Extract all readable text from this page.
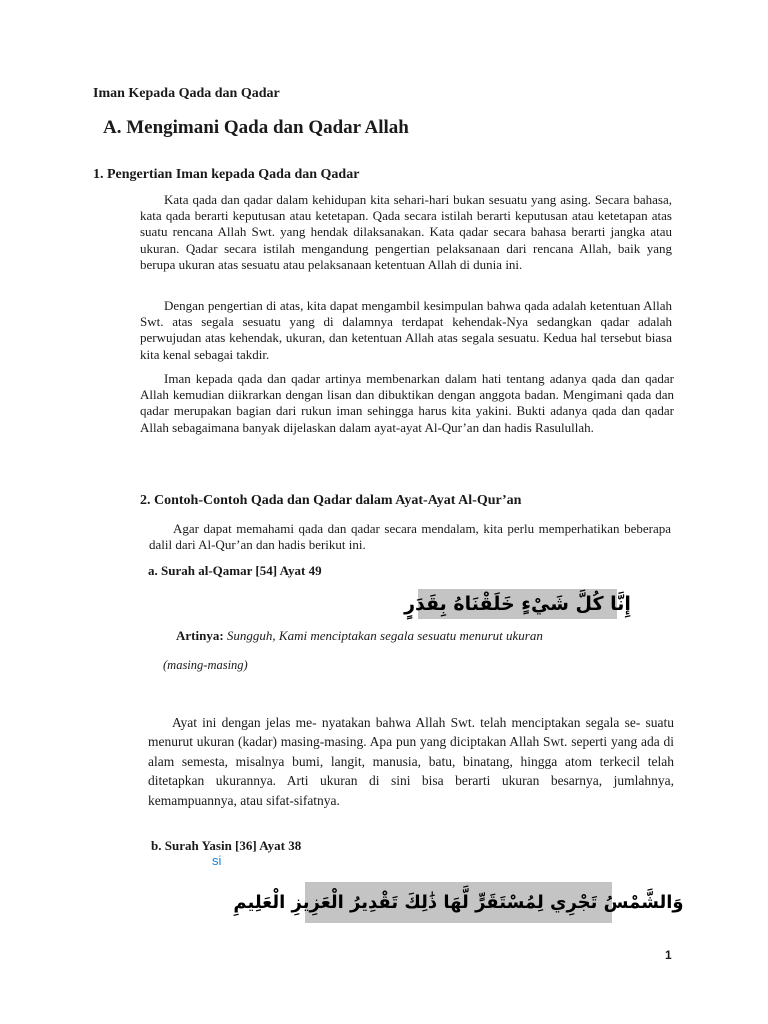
Iman Kepada Qada dan Qadar
A. Mengimani Qada dan Qadar Allah
1. Pengertian Iman kepada Qada dan Qadar
Kata qada dan qadar dalam kehidupan kita sehari-hari bukan sesuatu yang asing. Secara bahasa, kata qada berarti keputusan atau ketetapan. Qada secara istilah berarti keputusan atau ketetapan atas suatu rencana Allah Swt. yang hendak dilaksanakan. Kata qadar secara bahasa berarti jangka atau ukuran. Qadar secara istilah mengandung pengertian pelaksanaan dari rencana Allah, baik yang berupa ukuran atas sesuatu atau pelaksanaan ketentuan Allah di dunia ini.
Dengan pengertian di atas, kita dapat mengambil kesimpulan bahwa qada adalah ketentuan Allah Swt. atas segala sesuatu yang di dalamnya terdapat kehendak-Nya sedangkan qadar adalah perwujudan atas kehendak, ukuran, dan ketentuan Allah atas segala sesuatu. Kedua hal tersebut biasa kita kenal sebagai takdir.
Iman kepada qada dan qadar artinya membenarkan dalam hati tentang adanya qada dan qadar Allah kemudian diikrarkan dengan lisan dan dibuktikan dengan anggota badan. Mengimani qada dan qadar merupakan bagian dari rukun iman sehingga harus kita yakini. Bukti adanya qada dan qadar Allah sebagaimana banyak dijelaskan dalam ayat-ayat Al-Qur’an dan hadis Rasulullah.
2. Contoh-Contoh Qada dan Qadar dalam Ayat-Ayat Al-Qur’an
Agar dapat memahami qada dan qadar secara mendalam, kita perlu memperhatikan beberapa dalil dari Al-Qur’an dan hadis berikut ini.
a. Surah al-Qamar [54] Ayat 49
إِنَّا كُلَّ شَيْءٍ خَلَقْنَاهُ بِقَدَرٍ
Artinya: Sungguh, Kami menciptakan segala sesuatu menurut ukuran
(masing-masing)
Ayat ini dengan jelas me- nyatakan bahwa Allah Swt. telah menciptakan segala se- suatu menurut ukuran (kadar) masing-masing. Apa pun yang diciptakan Allah Swt. seperti yang ada di alam semesta, misalnya bumi, langit, manusia, batu, binatang, hingga atom terkecil telah ditetapkan ukurannya. Arti ukuran di sini bisa berarti ukuran besarnya, jumlahnya, kemampuannya, atau sifat-sifatnya.
b. Surah Yasin [36] Ayat 38
si
وَالشَّمْسُ تَجْرِي لِمُسْتَقَرٍّ لَّهَا ذَٰلِكَ تَقْدِيرُ الْعَزِيزِ الْعَلِيمِ
1
